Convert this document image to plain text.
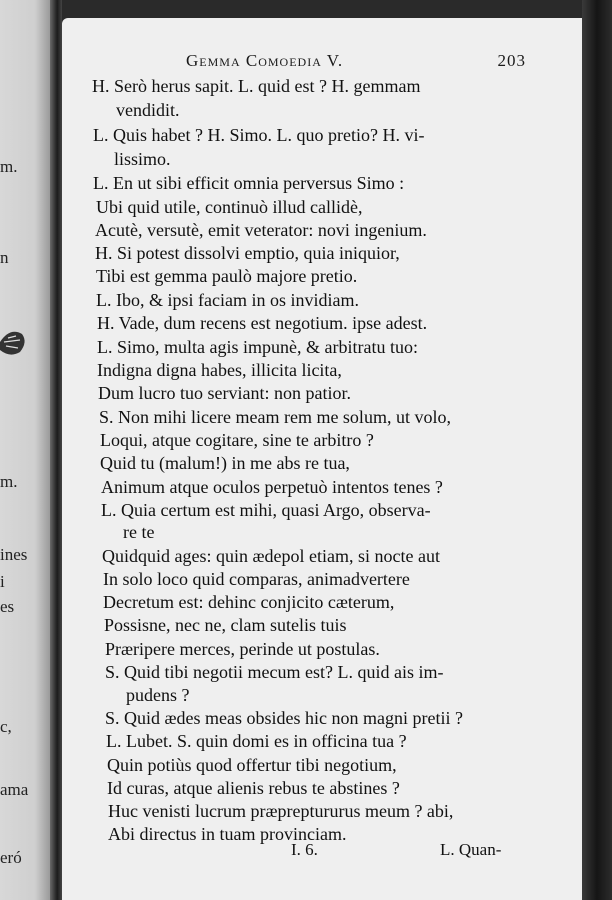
m.
n
m.
ines
i
es
c,
ama
eró
Gemma Comoedia V.	203
H. Serò herus sapit. L. quid est ? H. gemmam
vendidit.
L. Quis habet ? H. Simo. L. quo pretio? H. vi-
lissimo.
L. En ut sibi efficit omnia perversus Simo :
Ubi quid utile, continuò illud callidè,
Acutè, versutè, emit veterator: novi ingenium.
H. Si potest dissolvi emptio, quia iniquior,
Tibi est gemma paulò majore pretio.
L. Ibo, & ipsi faciam in os invidiam.
H. Vade, dum recens est negotium. ipse adest.
L. Simo, multa agis impunè, & arbitratu tuo:
Indigna digna habes, illicita licita,
Dum lucro tuo serviant: non patior.
S. Non mihi licere meam rem me solum, ut volo,
Loqui, atque cogitare, sine te arbitro ?
Quid tu (malum!) in me abs re tua,
Animum atque oculos perpetuò intentos tenes ?
L. Quia certum est mihi, quasi Argo, observa-
re te
Quidquid ages: quin ædepol etiam, si nocte aut
In solo loco quid comparas, animadvertere
Decretum est: dehinc conjicito cæterum,
Possisne, nec ne, clam sutelis tuis
Præripere merces, perinde ut postulas.
S. Quid tibi negotii mecum est? L. quid ais im-
pudens ?
S. Quid ædes meas obsides hic non magni pretii ?
L. Lubet. S. quin domi es in officina tua ?
Quin potiùs quod offertur tibi negotium,
Id curas, atque alienis rebus te abstines ?
Huc venisti lucrum præpreptururus meum ? abi,
Abi directus in tuam provinciam.
I. 6.	L. Quan-
